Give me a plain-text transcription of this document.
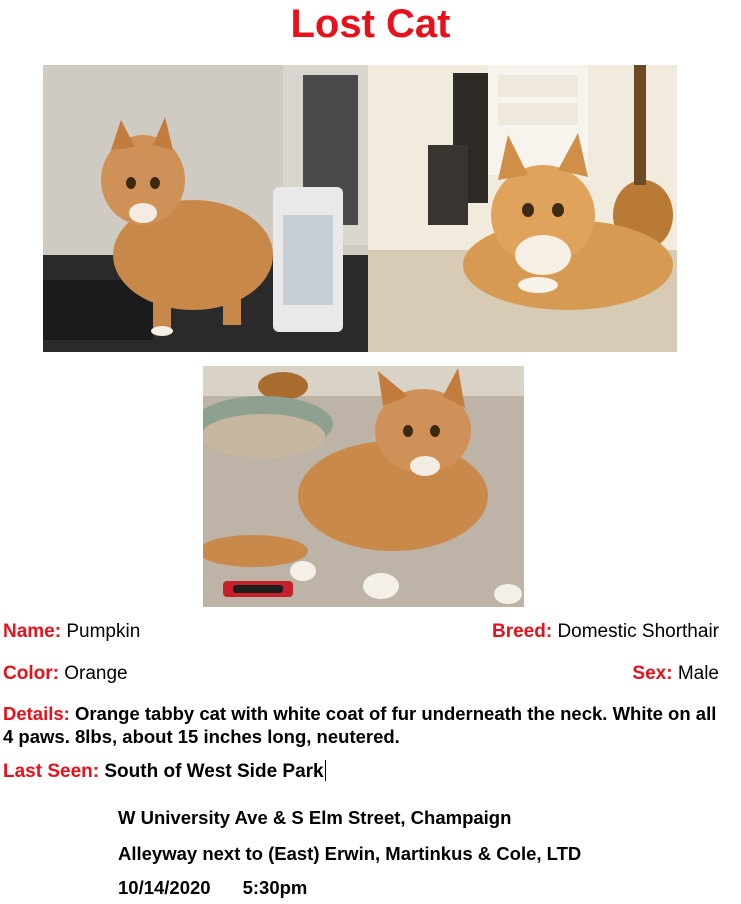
Lost Cat
Name: Pumpkin	Breed: Domestic Shorthair
Color: Orange	Sex: Male
Details: Orange tabby cat with white coat of fur underneath the neck. White on all 4 paws. 8lbs, about 15 inches long, neutered.
Last Seen: South of West Side Park
W University Ave & S Elm Street, Champaign
Alleyway next to (East) Erwin, Martinkus & Cole, LTD
10/14/2020 5:30pm
